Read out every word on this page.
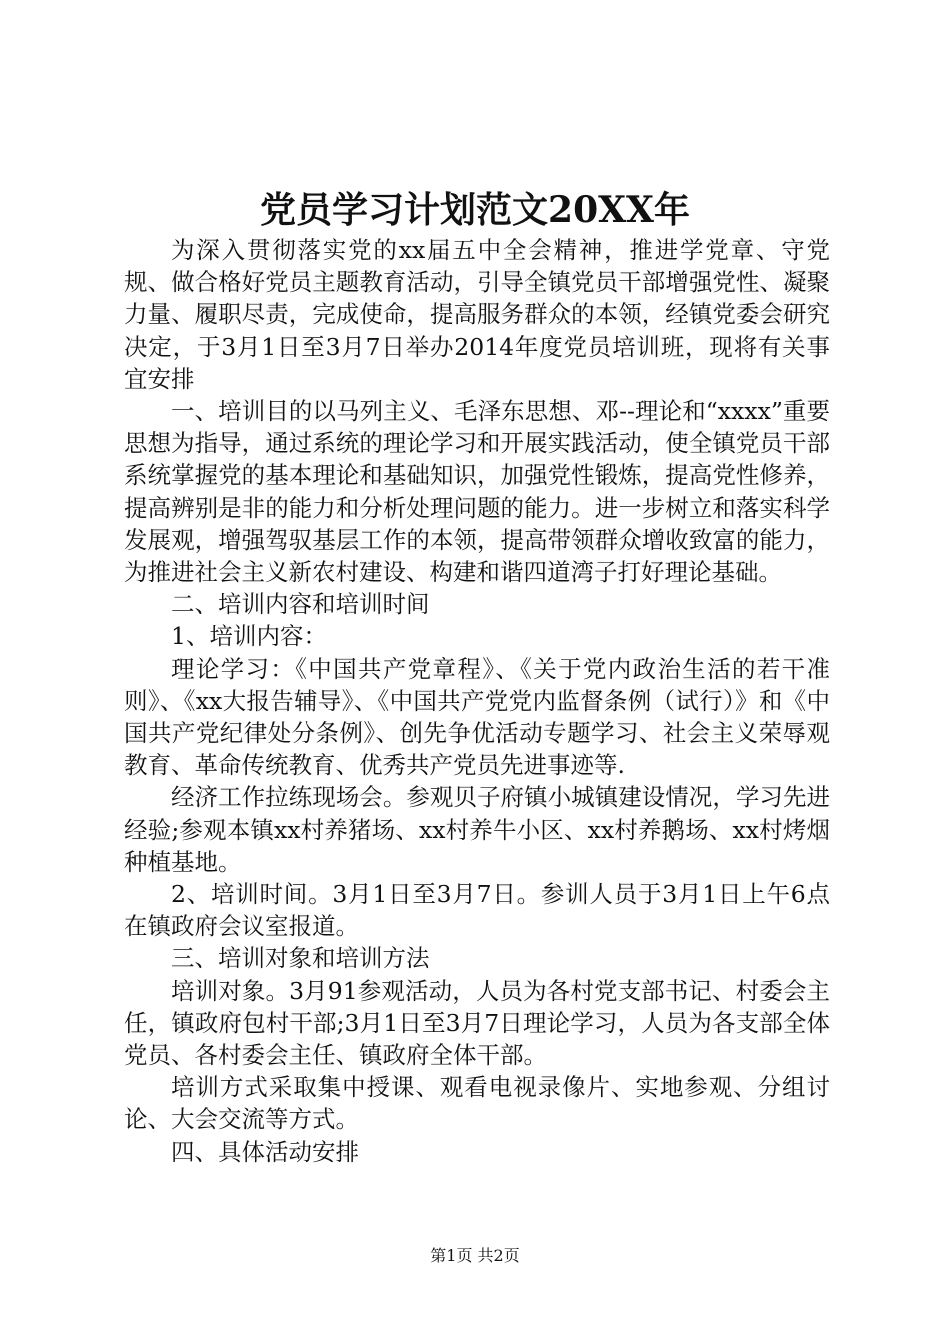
党员学习计划范文20XX年

为深入贯彻落实党的xx届五中全会精神，推进学党章、守党规、做合格好党员主题教育活动，引导全镇党员干部增强党性、凝聚力量、履职尽责，完成使命，提高服务群众的本领，经镇党委会研究决定，于3月1日至3月7日举办2014年度党员培训班，现将有关事宜安排

一、培训目的以马列主义、毛泽东思想、邓--理论和“xxxx”重要思想为指导，通过系统的理论学习和开展实践活动，使全镇党员干部系统掌握党的基本理论和基础知识，加强党性锻炼，提高党性修养，提高辨别是非的能力和分析处理问题的能力。进一步树立和落实科学发展观，增强驾驭基层工作的本领，提高带领群众增收致富的能力，为推进社会主义新农村建设、构建和谐四道湾子打好理论基础。

二、培训内容和培训时间

1、培训内容：

理论学习：《中国共产党章程》、《关于党内政治生活的若干准则》、《xx大报告辅导》、《中国共产党党内监督条例（试行）》和《中国共产党纪律处分条例》、创先争优活动专题学习、社会主义荣辱观教育、革命传统教育、优秀共产党员先进事迹等.

经济工作拉练现场会。参观贝子府镇小城镇建设情况，学习先进经验;参观本镇xx村养猪场、xx村养牛小区、xx村养鹅场、xx村烤烟种植基地。

2、培训时间。3月1日至3月7日。参训人员于3月1日上午6点在镇政府会议室报道。

三、培训对象和培训方法

培训对象。3月91参观活动，人员为各村党支部书记、村委会主任，镇政府包村干部;3月1日至3月7日理论学习，人员为各支部全体党员、各村委会主任、镇政府全体干部。

培训方式采取集中授课、观看电视录像片、实地参观、分组讨论、大会交流等方式。

四、具体活动安排

第1页 共2页
